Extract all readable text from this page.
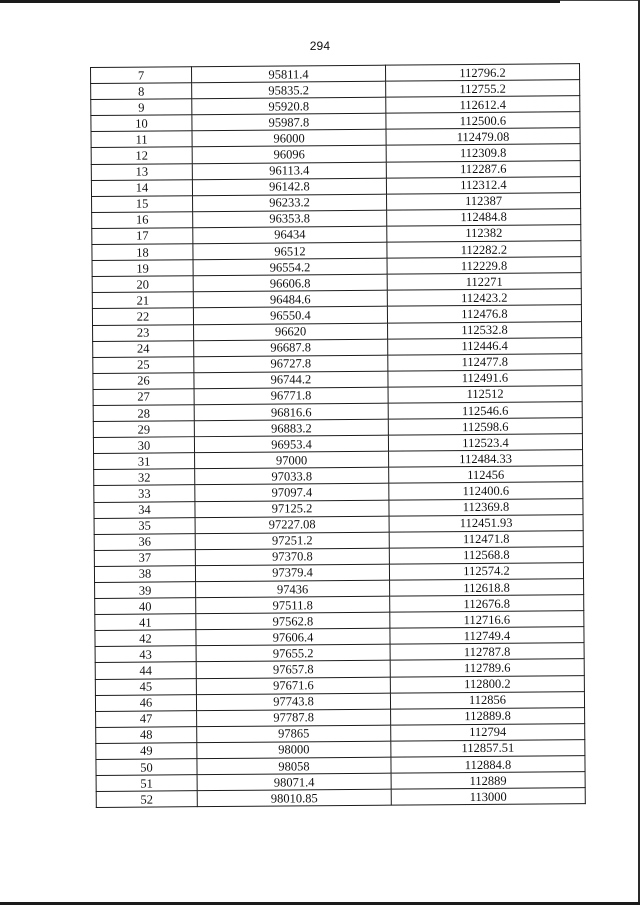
294
7	95811.4	112796.2
8	95835.2	112755.2
9	95920.8	112612.4
10	95987.8	112500.6
11	96000	112479.08
12	96096	112309.8
13	96113.4	112287.6
14	96142.8	112312.4
15	96233.2	112387
16	96353.8	112484.8
17	96434	112382
18	96512	112282.2
19	96554.2	112229.8
20	96606.8	112271
21	96484.6	112423.2
22	96550.4	112476.8
23	96620	112532.8
24	96687.8	112446.4
25	96727.8	112477.8
26	96744.2	112491.6
27	96771.8	112512
28	96816.6	112546.6
29	96883.2	112598.6
30	96953.4	112523.4
31	97000	112484.33
32	97033.8	112456
33	97097.4	112400.6
34	97125.2	112369.8
35	97227.08	112451.93
36	97251.2	112471.8
37	97370.8	112568.8
38	97379.4	112574.2
39	97436	112618.8
40	97511.8	112676.8
41	97562.8	112716.6
42	97606.4	112749.4
43	97655.2	112787.8
44	97657.8	112789.6
45	97671.6	112800.2
46	97743.8	112856
47	97787.8	112889.8
48	97865	112794
49	98000	112857.51
50	98058	112884.8
51	98071.4	112889
52	98010.85	113000
